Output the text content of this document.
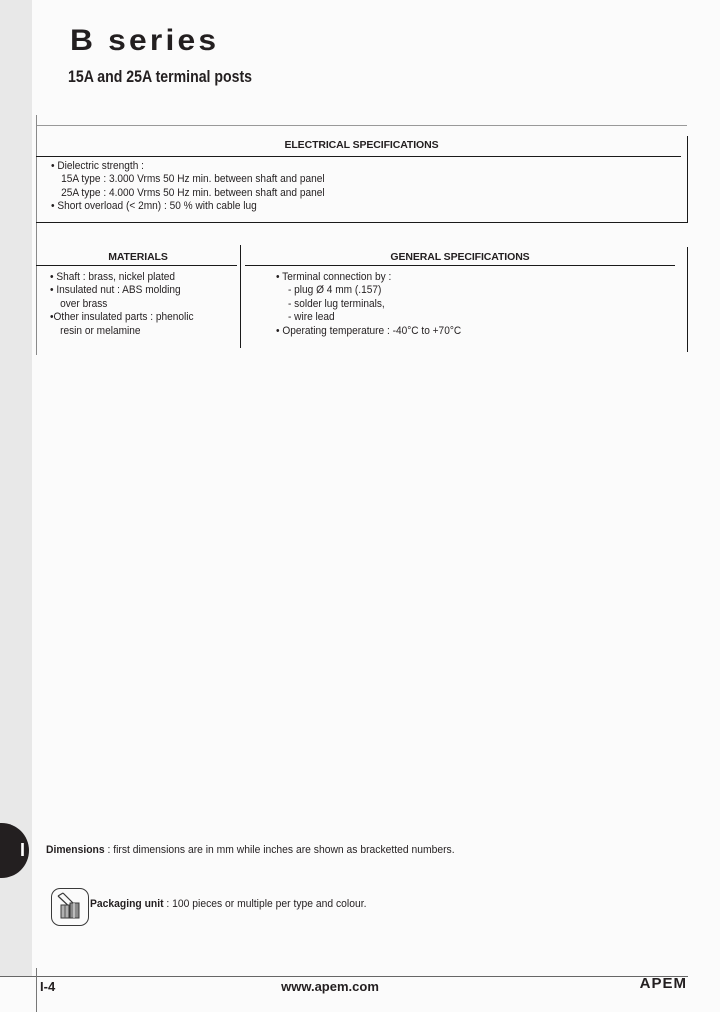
B series
15A and 25A terminal posts
ELECTRICAL SPECIFICATIONS
• Dielectric strength :
15A type : 3.000 Vrms 50 Hz min. between shaft and panel
25A type : 4.000 Vrms 50 Hz min. between shaft and panel
• Short overload (< 2mn) : 50 % with cable lug
MATERIALS	GENERAL SPECIFICATIONS
• Shaft : brass, nickel plated
• Insulated nut : ABS molding
over brass
•Other insulated parts : phenolic
resin or melamine
• Terminal connection by :
- plug Ø 4 mm (.157)
- solder lug terminals,
- wire lead
• Operating temperature : -40°C to +70°C
I Dimensions : first dimensions are in mm while inches are shown as bracketted numbers.
Packaging unit : 100 pieces or multiple per type and colour.
I-4	www.apem.com	APEM
